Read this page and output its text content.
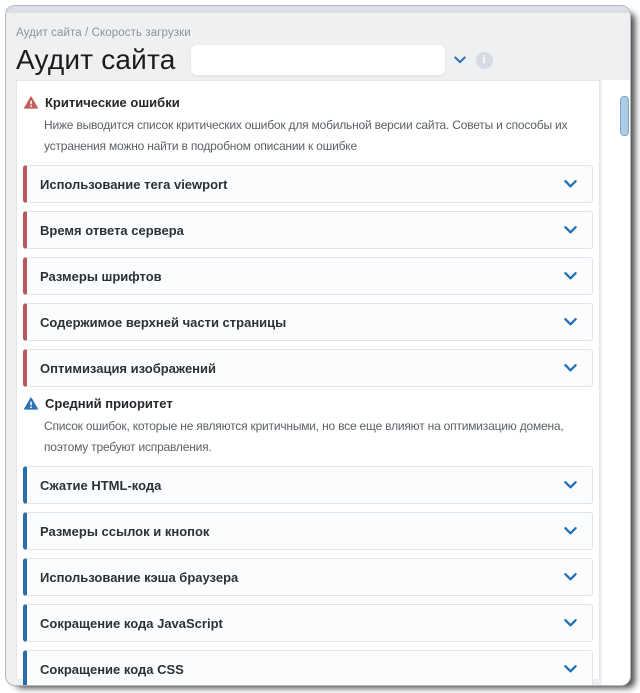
Аудит сайта / Скорость загрузки
Аудит сайта	i
Критические ошибки

Ниже выводится список критических ошибок для мобильной версии сайта. Советы и способы их устранения можно найти в подробном описании к ошибке

Использование тега viewport
Время ответа сервера
Размеры шрифтов
Содержимое верхней части страницы
Оптимизация изображений
Средний приоритет

Список ошибок, которые не являются критичными, но все еще влияют на оптимизацию домена, поэтому требуют исправления.

Сжатие HTML-кода
Размеры ссылок и кнопок
Использование кэша браузера
Сокращение кода JavaScript
Сокращение кода CSS
